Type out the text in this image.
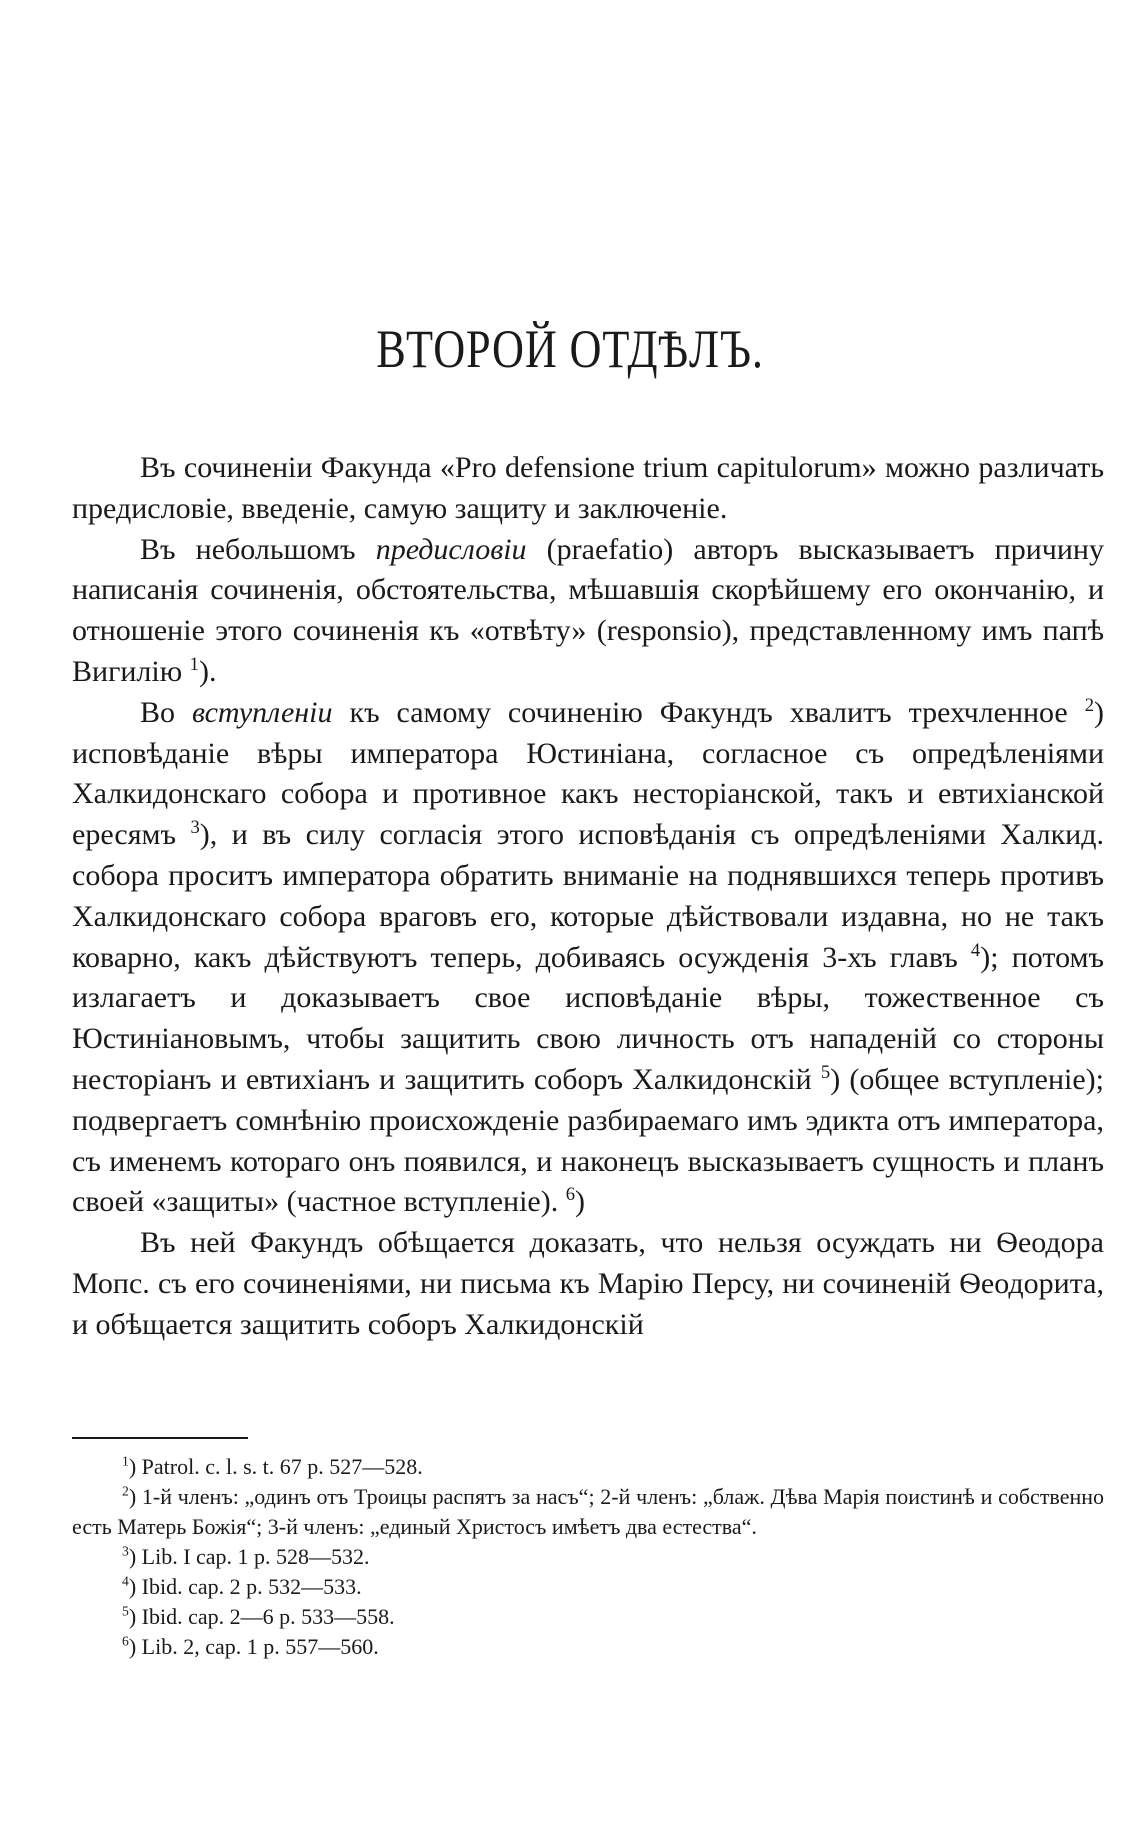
ВТОРОЙ ОТДѢЛЪ.

Въ сочиненіи Факунда «Pro defensione trium capitulorum» можно различать предисловіе, введеніе, самую защиту и заключеніе.

Въ небольшомъ предисловіи (praefatio) авторъ высказываетъ причину написанія сочиненія, обстоятельства, мѣшавшія скорѣйшему его окончанію, и отношеніе этого сочиненія къ «отвѣту» (responsio), представленному имъ папѣ Вигилію $^1$).

Во вступленіи къ самому сочиненію Факундъ хвалитъ трехчленное $^2$) исповѣданіе вѣры императора Юстиніана, согласное съ опредѣленіями Халкидонскаго собора и противное какъ несторіанской, такъ и евтихіанской ересямъ $^3$), и въ силу согласія этого исповѣданія съ опредѣленіями Халкид. собора проситъ императора обратить вниманіе на поднявшихся теперь противъ Халкидонскаго собора враговъ его, которые дѣйствовали издавна, но не такъ коварно, какъ дѣйствуютъ теперь, добиваясь осужденія 3-хъ главъ $^4$); потомъ излагаетъ и доказываетъ свое исповѣданіе вѣры, тожественное съ Юстиніановымъ, чтобы защитить свою личность отъ нападеній со стороны несторіанъ и евтихіанъ и защитить соборъ Халкидонскій $^5$) (общее вступленіе); подвергаетъ сомнѣнію происхожденіе разбираемаго имъ эдикта отъ императора, съ именемъ котораго онъ появился, и наконецъ высказываетъ сущность и планъ своей «защиты» (частное вступленіе). $^6$)

Въ ней Факундъ обѣщается доказать, что нельзя осуждать ни Ѳеодора Мопс. съ его сочиненіями, ни письма къ Марію Персу, ни сочиненій Ѳеодорита, и обѣщается защитить соборъ Халкидонскій

$^1$) Patrol. c. l. s. t. 67 p. 527—528.

$^2$) 1-й членъ: „одинъ отъ Троицы распятъ за насъ“; 2-й членъ: „блаж. Дѣва Марія поистинѣ и собственно есть Матерь Божія“; 3-й членъ: „единый Христосъ имѣетъ два естества“.

$^3$) Lib. I cap. 1 p. 528—532.

$^4$) Ibid. cap. 2 p. 532—533.

$^5$) Ibid. cap. 2—6 p. 533—558.

$^6$) Lib. 2, cap. 1 p. 557—560.
